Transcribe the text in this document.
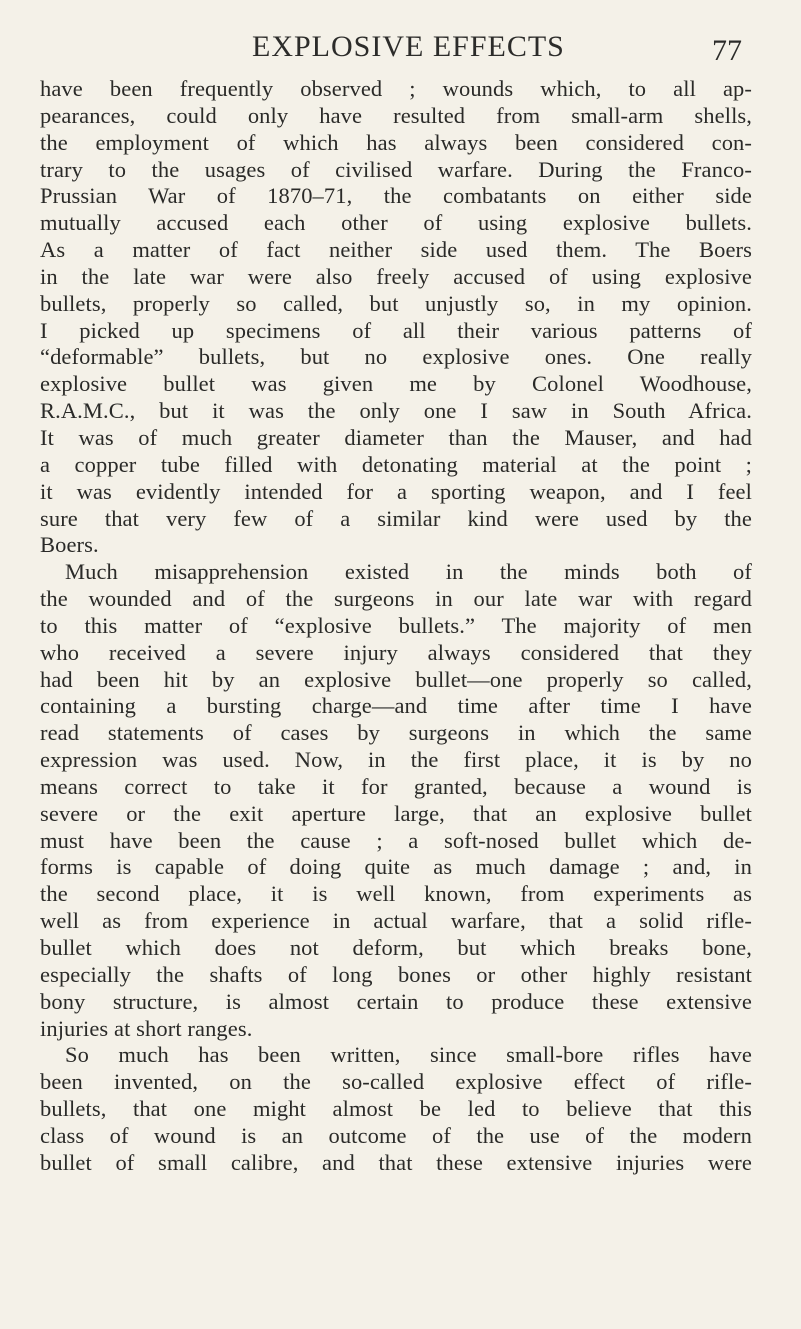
EXPLOSIVE EFFECTS	77
have been frequently observed ; wounds which, to all ap-
pearances, could only have resulted from small-arm shells,
the employment of which has always been considered con-
trary to the usages of civilised warfare. During the Franco-
Prussian War of 1870–71, the combatants on either side
mutually accused each other of using explosive bullets.
As a matter of fact neither side used them. The Boers
in the late war were also freely accused of using explosive
bullets, properly so called, but unjustly so, in my opinion.
I picked up specimens of all their various patterns of
“deformable” bullets, but no explosive ones. One really
explosive bullet was given me by Colonel Woodhouse,
R.A.M.C., but it was the only one I saw in South Africa.
It was of much greater diameter than the Mauser, and had
a copper tube filled with detonating material at the point ;
it was evidently intended for a sporting weapon, and I feel
sure that very few of a similar kind were used by the
Boers.
Much misapprehension existed in the minds both of
the wounded and of the surgeons in our late war with regard
to this matter of “explosive bullets.” The majority of men
who received a severe injury always considered that they
had been hit by an explosive bullet—one properly so called,
containing a bursting charge—and time after time I have
read statements of cases by surgeons in which the same
expression was used. Now, in the first place, it is by no
means correct to take it for granted, because a wound is
severe or the exit aperture large, that an explosive bullet
must have been the cause ; a soft-nosed bullet which de-
forms is capable of doing quite as much damage ; and, in
the second place, it is well known, from experiments as
well as from experience in actual warfare, that a solid rifle-
bullet which does not deform, but which breaks bone,
especially the shafts of long bones or other highly resistant
bony structure, is almost certain to produce these extensive
injuries at short ranges.
So much has been written, since small-bore rifles have
been invented, on the so-called explosive effect of rifle-
bullets, that one might almost be led to believe that this
class of wound is an outcome of the use of the modern
bullet of small calibre, and that these extensive injuries were
